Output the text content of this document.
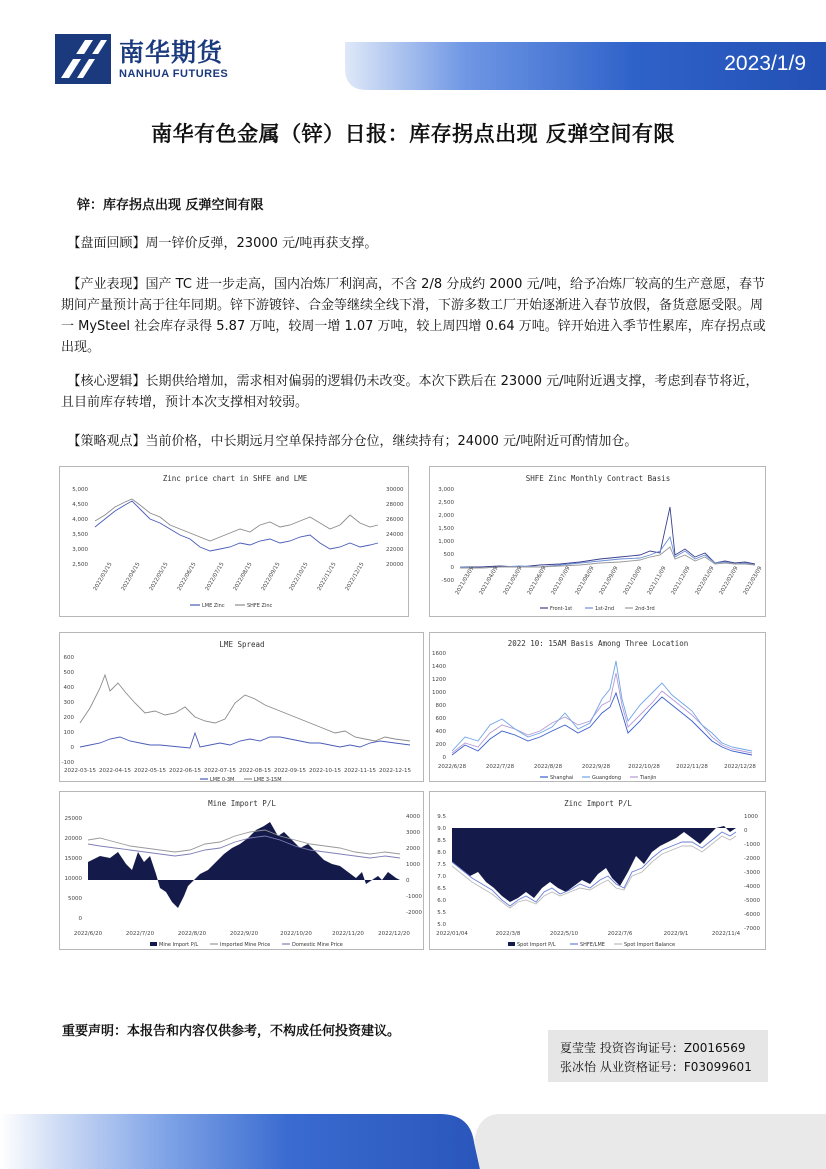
南华期货
NANHUA FUTURES	2023/1/9
南华有色金属（锌）日报：库存拐点出现 反弹空间有限
锌：库存拐点出现 反弹空间有限
　【盘面回顾】周一锌价反弹，23000 元/吨再获支撑。
　【产业表现】国产 TC 进一步走高，国内冶炼厂利润高，不含 2/8 分成约 2000 元/吨，给予冶炼厂较高的生产意愿，春节期间产量预计高于往年同期。锌下游镀锌、合金等继续全线下滑，下游多数工厂开始逐渐进入春节放假，备货意愿受限。周一 MySteel 社会库存录得 5.87 万吨，较周一增 1.07 万吨，较上周四增 0.64 万吨。锌开始进入季节性累库，库存拐点或出现。
　【核心逻辑】长期供给增加，需求相对偏弱的逻辑仍未改变。本次下跌后在 23000 元/吨附近遇支撑，考虑到春节将近，且目前库存转增，预计本次支撑相对较弱。
　【策略观点】当前价格，中长期远月空单保持部分仓位，继续持有；24000 元/吨附近可酌情加仓。
Zinc price chart in SHFE and LME
5,000
4,500
4,000
3,500
3,000
2,500
30000
28000
26000
24000
22000
20000
2022/03/15 2022/04/15 2022/05/15 2022/06/15 2022/07/15 2022/08/15 2022/09/15 2022/10/15 2022/11/15 2022/12/15
LME Zinc	SHFE Zinc
SHFE Zinc Monthly Contract Basis
3,000
2,500
2,000
1,500
1,000
500
0
-500 2021/03/09 2021/04/09 2021/05/09 2021/06/09 2021/07/09 2021/08/09 2021/09/09 2021/10/09 2021/11/09 2021/12/09 2022/01/09 2022/02/09 2022/03/09
Front-1st	1st-2nd	2nd-3rd
LME Spread
600
500
400
300
200
100
0
-100
2022-03-15 2022-04-15 2022-05-15 2022-06-15 2022-07-15 2022-08-15 2022-09-15 2022-10-15 2022-11-15 2022-12-15
LME 0-3M	LME 3-15M
2022 10: 15AM Basis Among Three Location
1600
1400
1200
1000
800
600
400
200
0
2022/6/28	2022/7/28	2022/8/28	2022/9/28	2022/10/28	2022/11/28	2022/12/28
Shanghai	Guangdong	Tianjin
Mine Import P/L
25000
20000
15000
10000
5000
0
4000
3000
2000
1000
0
-1000
-2000
2022/6/20	2022/7/20	2022/8/20	2022/9/20	2022/10/20	2022/11/20	2022/12/20
Mine Import P/L	Imported Mine Price	Domestic Mine Price
Zinc Import P/L
9.5
9.0
8.5
8.0
7.5
7.0
6.5
6.0
5.5
5.0
1000
0
-1000
-2000
-3000
-4000
-5000
-6000
-7000
2022/01/04	2022/3/8	2022/5/10	2022/7/6	2022/9/1	2022/11/4
Spot Import P/L	SHFE/LME	Spot Import Balance
重要声明：本报告和内容仅供参考，不构成任何投资建议。
夏莹莹 投资咨询证号：Z0016569
张冰怡 从业资格证号：F03099601
